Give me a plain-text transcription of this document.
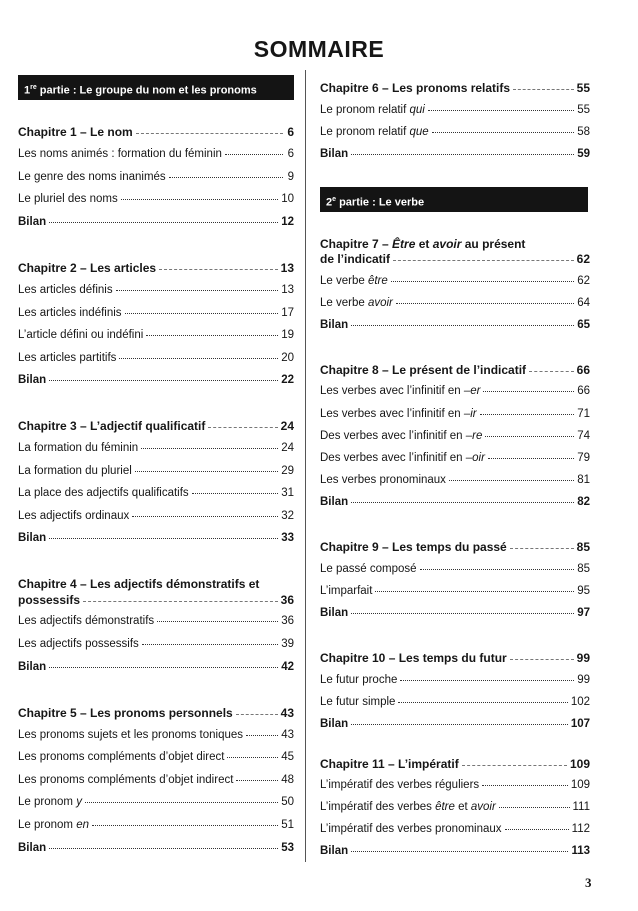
SOMMAIRE
1re partie : Le groupe du nom et les pronoms
Chapitre 1 – Le nom	6
Les noms animés : formation du féminin	6
Le genre des noms inanimés	9
Le pluriel des noms	10
Bilan	12
Chapitre 2 – Les articles	13
Les articles définis	13
Les articles indéfinis	17
L’article défini ou indéfini	19
Les articles partitifs	20
Bilan	22
Chapitre 3 – L’adjectif qualificatif	24
La formation du féminin	24
La formation du pluriel	29
La place des adjectifs qualificatifs	31
Les adjectifs ordinaux	32
Bilan	33
Chapitre 4 – Les adjectifs démonstratifs et
possessifs	36
Les adjectifs démonstratifs	36
Les adjectifs possessifs	39
Bilan	42
Chapitre 5 – Les pronoms personnels	43
Les pronoms sujets et les pronoms toniques	43
Les pronoms compléments d’objet direct	45
Les pronoms compléments d’objet indirect	48
Le pronom y	50
Le pronom en	51
Bilan	53
Chapitre 6 – Les pronoms relatifs	55
Le pronom relatif qui	55
Le pronom relatif que	58
Bilan	59
2e partie : Le verbe
Chapitre 7 – Être et avoir au présent
de l’indicatif	62
Le verbe être	62
Le verbe avoir	64
Bilan	65
Chapitre 8 – Le présent de l’indicatif	66
Les verbes avec l’infinitif en –er	66
Les verbes avec l’infinitif en –ir	71
Des verbes avec l’infinitif en –re	74
Des verbes avec l’infinitif en –oir	79
Les verbes pronominaux	81
Bilan	82
Chapitre 9 – Les temps du passé	85
Le passé composé	85
L’imparfait	95
Bilan	97
Chapitre 10 – Les temps du futur	99
Le futur proche	99
Le futur simple	102
Bilan	107
Chapitre 11 – L’impératif	109
L’impératif des verbes réguliers	109
L’impératif des verbes être et avoir	111
L’impératif des verbes pronominaux	112
Bilan	113
3
